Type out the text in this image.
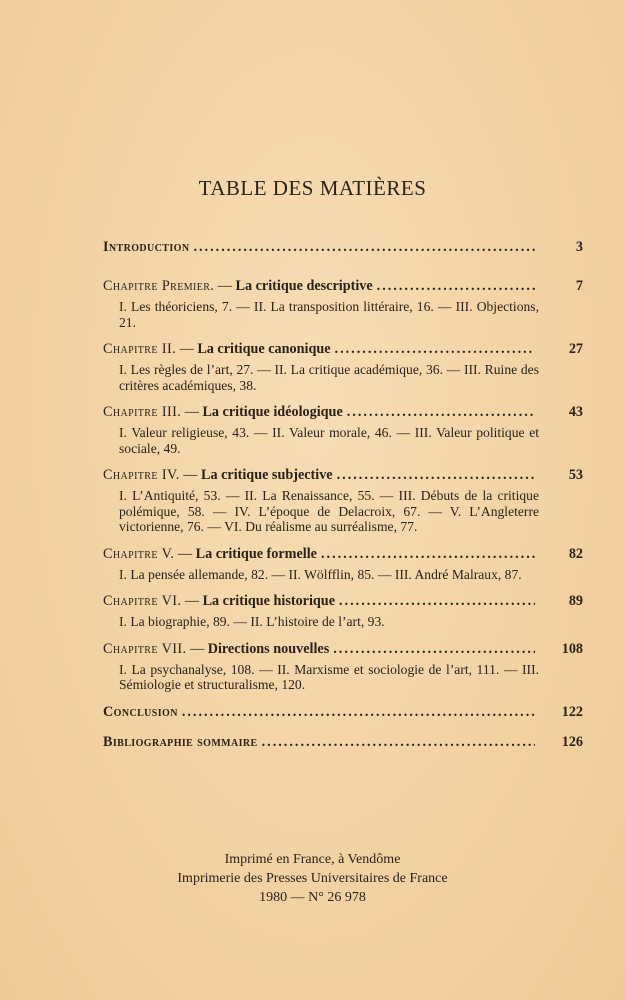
TABLE DES MATIÈRES
Introduction .....	3
Chapitre Premier. — La critique descriptive .....	7
I. Les théoriciens, 7. — II. La transposition littéraire, 16. — III. Objections, 21.
Chapitre II. — La critique canonique .....	27
I. Les règles de l’art, 27. — II. La critique académique, 36. — III. Ruine des critères académiques, 38.
Chapitre III. — La critique idéologique .....	43
I. Valeur religieuse, 43. — II. Valeur morale, 46. — III. Valeur politique et sociale, 49.
Chapitre IV. — La critique subjective .....	53
I. L’Antiquité, 53. — II. La Renaissance, 55. — III. Débuts de la critique polémique, 58. — IV. L’époque de Delacroix, 67. — V. L’Angleterre victorienne, 76. — VI. Du réalisme au surréalisme, 77.
Chapitre V. — La critique formelle .....	82
I. La pensée allemande, 82. — II. Wölfflin, 85. — III. André Malraux, 87.
Chapitre VI. — La critique historique .....	89
I. La biographie, 89. — II. L’histoire de l’art, 93.
Chapitre VII. — Directions nouvelles .....	108
I. La psychanalyse, 108. — II. Marxisme et sociologie de l’art, 111. — III. Sémiologie et structuralisme, 120.
Conclusion .....	122
Bibliographie sommaire .....	126
Imprimé en France, à Vendôme
Imprimerie des Presses Universitaires de France
1980 — N° 26 978
